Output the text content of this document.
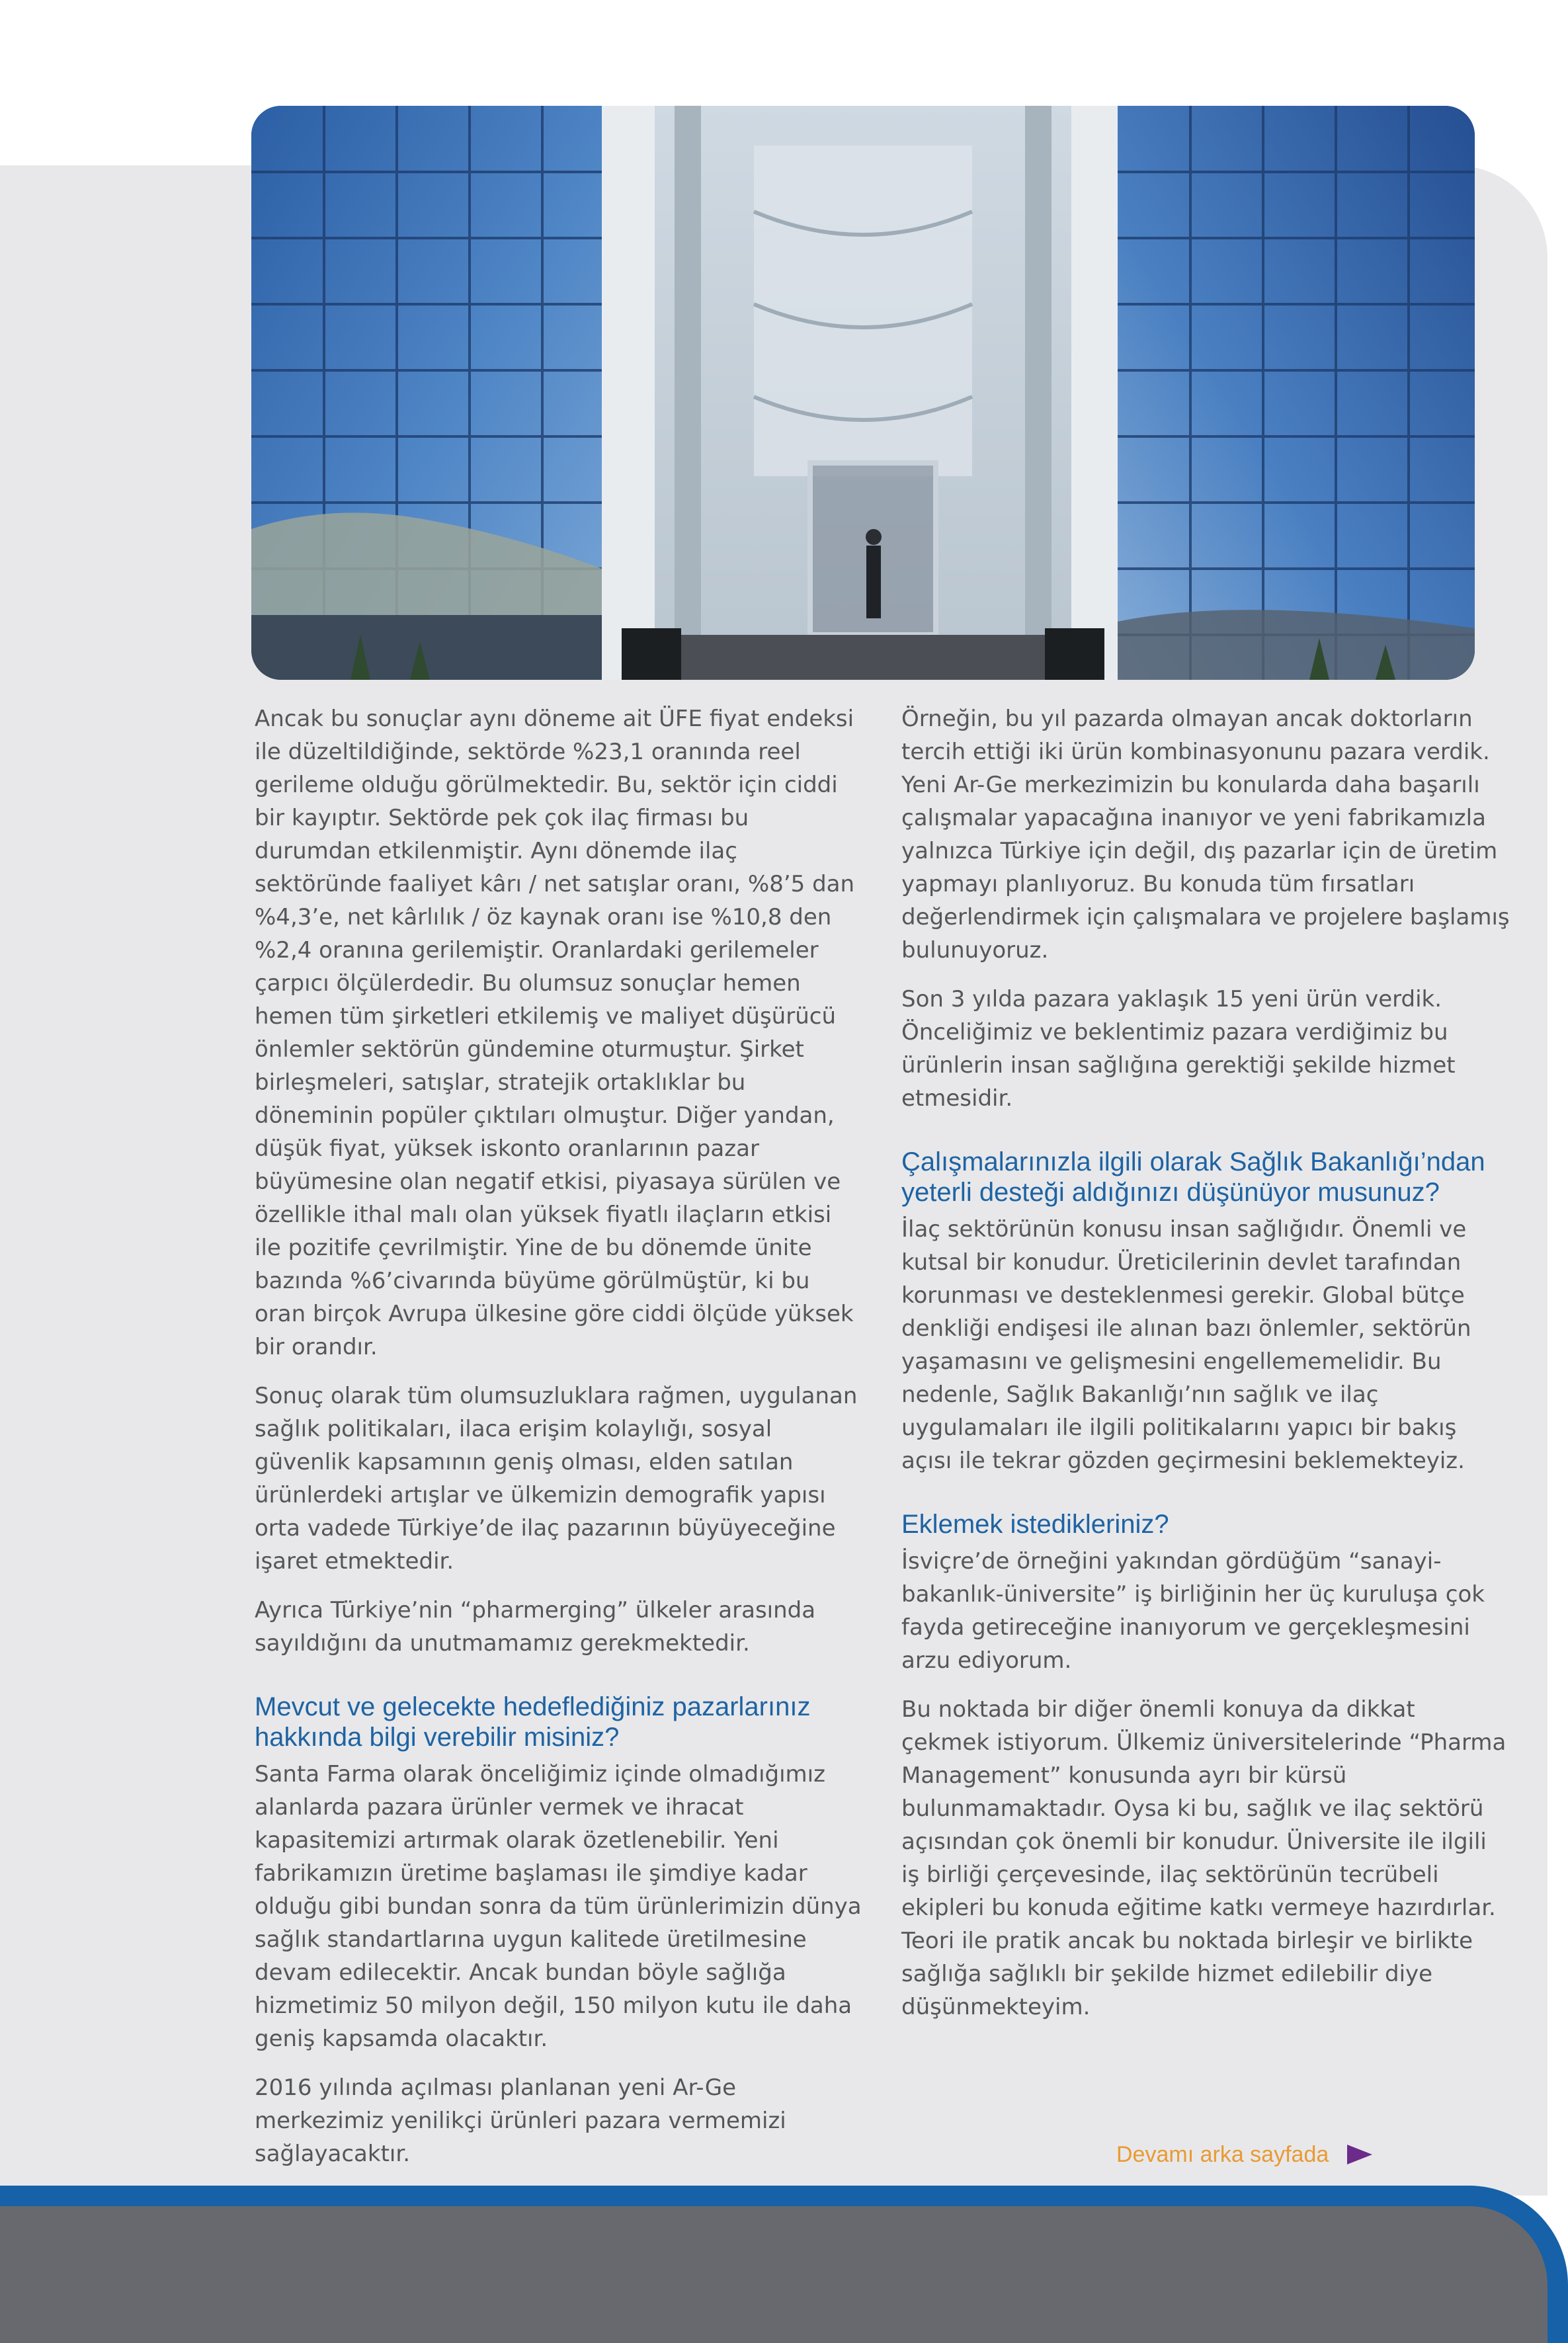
Ancak bu sonuçlar aynı döneme ait ÜFE fiyat endeksi ile düzeltildiğinde, sektörde %23,1 oranında reel gerileme olduğu görülmektedir. Bu, sektör için ciddi bir kayıptır. Sektörde pek çok ilaç firması bu durumdan etkilenmiştir. Aynı dönemde ilaç sektöründe faaliyet kârı / net satışlar oranı, %8’5 dan %4,3’e, net kârlılık / öz kaynak oranı ise %10,8 den %2,4 oranına gerilemiştir. Oranlardaki gerilemeler çarpıcı ölçülerdedir. Bu olumsuz sonuçlar hemen hemen tüm şirketleri etkilemiş ve maliyet düşürücü önlemler sektörün gündemine oturmuştur. Şirket birleşmeleri, satışlar, stratejik ortaklıklar bu döneminin popüler çıktıları olmuştur. Diğer yandan, düşük fiyat, yüksek iskonto oranlarının pazar büyümesine olan negatif etkisi, piyasaya sürülen ve özellikle ithal malı olan yüksek fiyatlı ilaçların etkisi ile pozitife çevrilmiştir. Yine de bu dönemde ünite bazında %6’civarında büyüme görülmüştür, ki bu oran birçok Avrupa ülkesine göre ciddi ölçüde yüksek bir orandır.

Sonuç olarak tüm olumsuzluklara rağmen, uygulanan sağlık politikaları, ilaca erişim kolaylığı, sosyal güvenlik kapsamının geniş olması, elden satılan ürünlerdeki artışlar ve ülkemizin demografik yapısı orta vadede Türkiye’de ilaç pazarının büyüyeceğine işaret etmektedir.

Ayrıca Türkiye’nin “pharmerging” ülkeler arasında sayıldığını da unutmamamız gerekmektedir.

Mevcut ve gelecekte hedeflediğiniz pazarlarınız hakkında bilgi verebilir misiniz?

Santa Farma olarak önceliğimiz içinde olmadığımız alanlarda pazara ürünler vermek ve ihracat kapasitemizi artırmak olarak özetlenebilir. Yeni fabrikamızın üretime başlaması ile şimdiye kadar olduğu gibi bundan sonra da tüm ürünlerimizin dünya sağlık standartlarına uygun kalitede üretilmesine devam edilecektir. Ancak bundan böyle sağlığa hizmetimiz 50 milyon değil, 150 milyon kutu ile daha geniş kapsamda olacaktır.

2016 yılında açılması planlanan yeni Ar-Ge merkezimiz yenilikçi ürünleri pazara vermemizi sağlayacaktır.

Örneğin, bu yıl pazarda olmayan ancak doktorların tercih ettiği iki ürün kombinasyonunu pazara verdik. Yeni Ar-Ge merkezimizin bu konularda daha başarılı çalışmalar yapacağına inanıyor ve yeni fabrikamızla yalnızca Türkiye için değil, dış pazarlar için de üretim yapmayı planlıyoruz. Bu konuda tüm fırsatları değerlendirmek için çalışmalara ve projelere başlamış bulunuyoruz.

Son 3 yılda pazara yaklaşık 15 yeni ürün verdik. Önceliğimiz ve beklentimiz pazara verdiğimiz bu ürünlerin insan sağlığına gerektiği şekilde hizmet etmesidir.

Çalışmalarınızla ilgili olarak Sağlık Bakanlığı’ndan yeterli desteği aldığınızı düşünüyor musunuz?

İlaç sektörünün konusu insan sağlığıdır. Önemli ve kutsal bir konudur. Üreticilerinin devlet tarafından korunması ve desteklenmesi gerekir. Global bütçe denkliği endişesi ile alınan bazı önlemler, sektörün yaşamasını ve gelişmesini engellememelidir. Bu nedenle, Sağlık Bakanlığı’nın sağlık ve ilaç uygulamaları ile ilgili politikalarını yapıcı bir bakış açısı ile tekrar gözden geçirmesini beklemekteyiz.

Eklemek istedikleriniz?

İsviçre’de örneğini yakından gördüğüm “sanayi-bakanlık-üniversite” iş birliğinin her üç kuruluşa çok fayda getireceğine inanıyorum ve gerçekleşmesini arzu ediyorum.

Bu noktada bir diğer önemli konuya da dikkat çekmek istiyorum. Ülkemiz üniversitelerinde “Pharma Management” konusunda ayrı bir kürsü bulunmamaktadır. Oysa ki bu, sağlık ve ilaç sektörü açısından çok önemli bir konudur. Üniversite ile ilgili iş birliği çerçevesinde, ilaç sektörünün tecrübeli ekipleri bu konuda eğitime katkı vermeye hazırdırlar. Teori ile pratik ancak bu noktada birleşir ve birlikte sağlığa sağlıklı bir şekilde hizmet edilebilir diye düşünmekteyim.

Devamı arka sayfada
